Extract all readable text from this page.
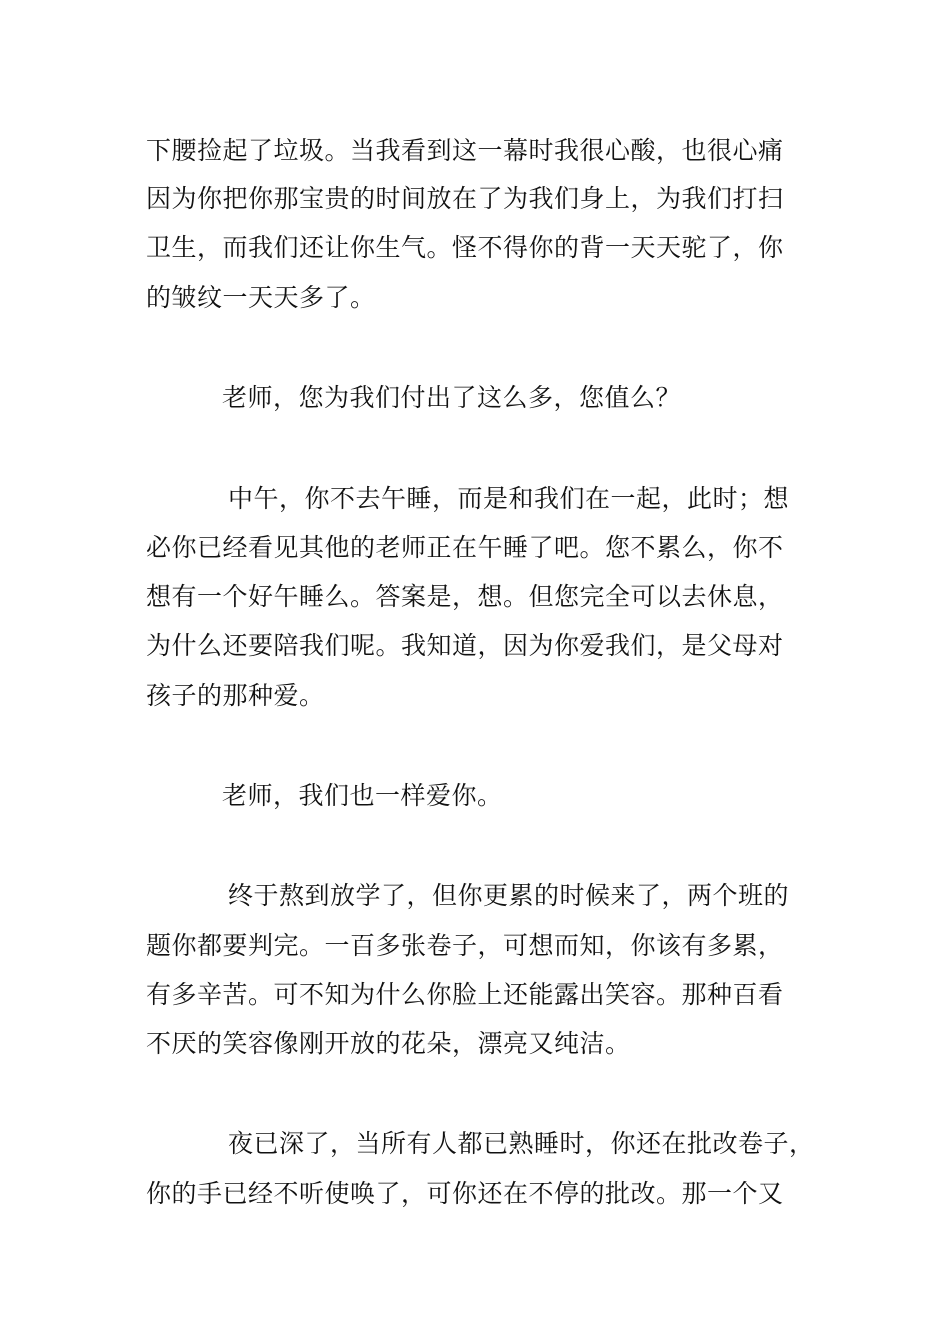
下腰捡起了垃圾。当我看到这一幕时我很心酸，也很心痛
因为你把你那宝贵的时间放在了为我们身上，为我们打扫
卫生，而我们还让你生气。怪不得你的背一天天驼了，你
的皱纹一天天多了。
老师，您为我们付出了这么多，您值么？
中午，你不去午睡，而是和我们在一起，此时；想
必你已经看见其他的老师正在午睡了吧。您不累么，你不
想有一个好午睡么。答案是，想。但您完全可以去休息，
为什么还要陪我们呢。我知道，因为你爱我们，是父母对
孩子的那种爱。
老师，我们也一样爱你。
终于熬到放学了，但你更累的时候来了，两个班的
题你都要判完。一百多张卷子，可想而知，你该有多累，
有多辛苦。可不知为什么你脸上还能露出笑容。那种百看
不厌的笑容像刚开放的花朵，漂亮又纯洁。
夜已深了，当所有人都已熟睡时，你还在批改卷子，
你的手已经不听使唤了，可你还在不停的批改。那一个又
